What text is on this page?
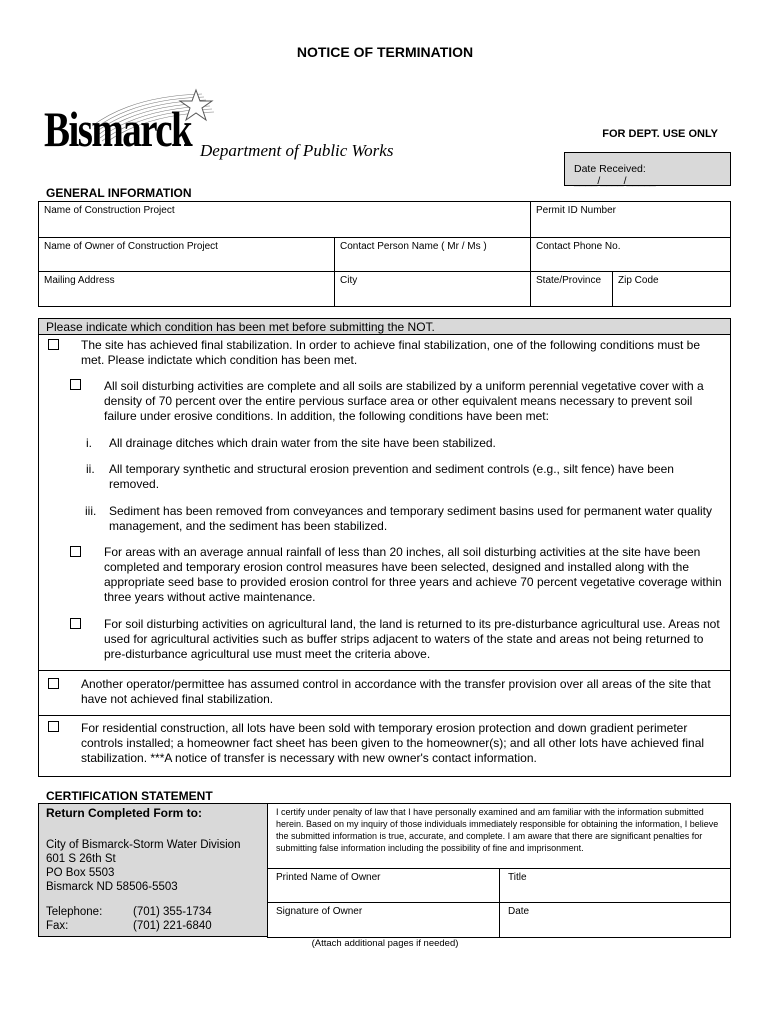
NOTICE OF TERMINATION
Bismarck Department of Public Works
FOR DEPT. USE ONLY
Date Received: ____/____/_____
GENERAL INFORMATION
Name of Construction Project		Permit ID Number	
Name of Owner of Construction Project	Contact Person Name ( Mr / Ms )	Contact Phone No.	
Mailing Address	City	State/Province	Zip Code
Please indicate which condition has been met before submitting the NOT.
The site has achieved final stabilization. In order to achieve final stabilization, one of the following conditions must be met. Please indictate which condition has been met.
All soil disturbing activities are complete and all soils are stabilized by a uniform perennial vegetative cover with a density of 70 percent over the entire pervious surface area or other equivalent means necessary to prevent soil failure under erosive conditions. In addition, the following conditions have been met:
i. All drainage ditches which drain water from the site have been stabilized.
ii. All temporary synthetic and structural erosion prevention and sediment controls (e.g., silt fence) have been removed.
iii. Sediment has been removed from conveyances and temporary sediment basins used for permanent water quality management, and the sediment has been stabilized.
For areas with an average annual rainfall of less than 20 inches, all soil disturbing activities at the site have been completed and temporary erosion control measures have been selected, designed and installed along with the appropriate seed base to provided erosion control for three years and achieve 70 percent vegetative coverage within three years without active maintenance.
For soil disturbing activities on agricultural land, the land is returned to its pre-disturbance agricultural use. Areas not used for agricultural activities such as buffer strips adjacent to waters of the state and areas not being returned to pre-disturbance agricultural use must meet the criteria above.
Another operator/permittee has assumed control in accordance with the transfer provision over all areas of the site that have not achieved final stabilization.
For residential construction, all lots have been sold with temporary erosion protection and down gradient perimeter controls installed; a homeowner fact sheet has been given to the homeowner(s); and all other lots have achieved final stabilization. ***A notice of transfer is necessary with new owner's contact information.
CERTIFICATION STATEMENT
Return Completed Form to:
City of Bismarck-Storm Water Division
601 S 26th St
PO Box 5503
Bismarck ND 58506-5503
Telephone:	(701) 355-1734
Fax:	(701) 221-6840
I certify under penalty of law that I have personally examined and am familiar with the information submitted herein. Based on my inquiry of those individuals immediately responsible for obtaining the information, I believe the submitted information is true, accurate, and complete. I am aware that there are significant penalties for submitting false information including the possibility of fine and imprisonment.	
Printed Name of Owner	Title
Signature of Owner	Date
(Attach additional pages if needed)
